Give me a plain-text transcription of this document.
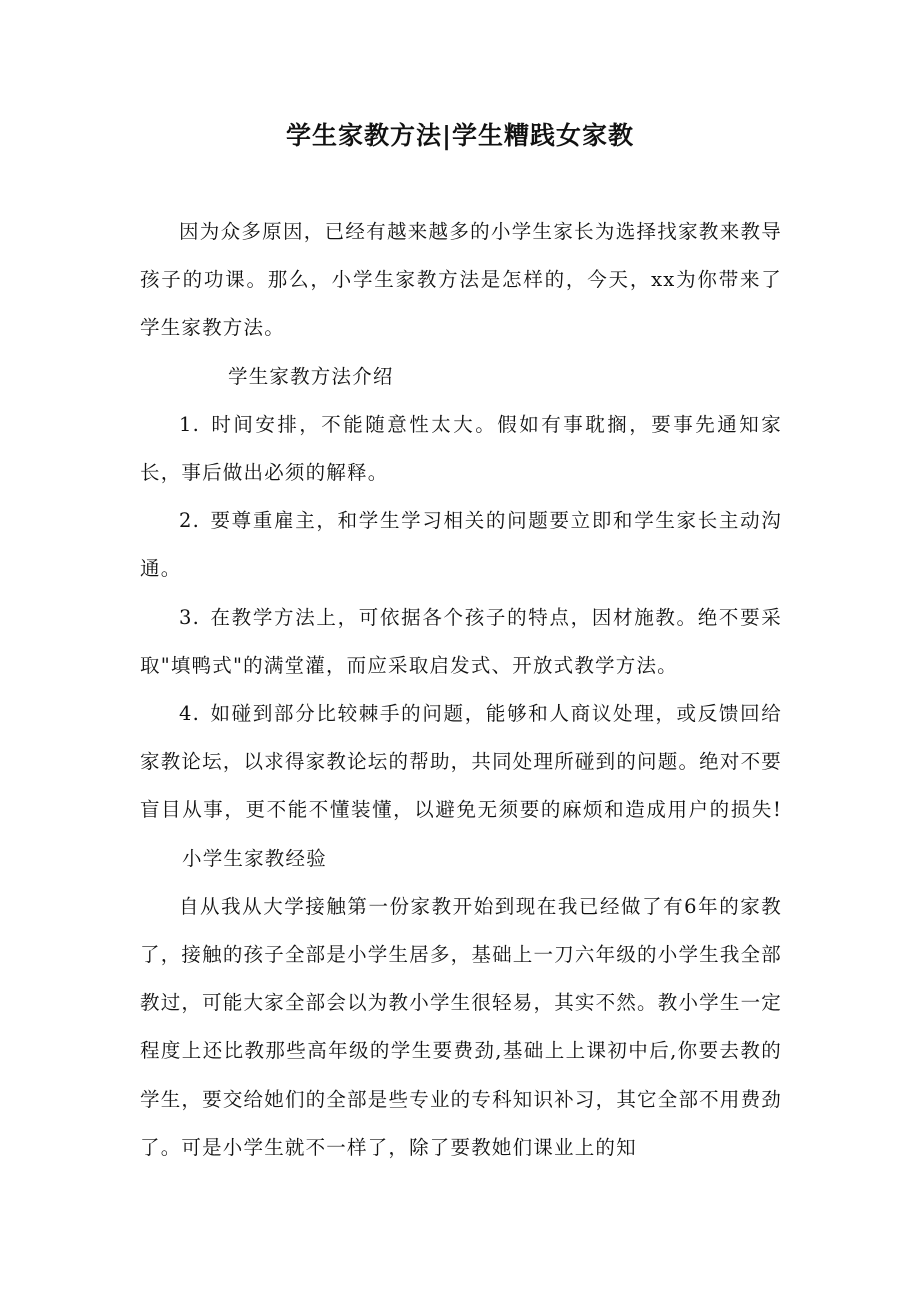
学生家教方法|学生糟践女家教

因为众多原因，已经有越来越多的小学生家长为选择找家教来教导孩子的功课。那么，小学生家教方法是怎样的，今天，xx为你带来了学生家教方法。

学生家教方法介绍

1. 时间安排，不能随意性太大。假如有事耽搁，要事先通知家长，事后做出必须的解释。

2. 要尊重雇主，和学生学习相关的问题要立即和学生家长主动沟通。

3. 在教学方法上，可依据各个孩子的特点，因材施教。绝不要采取"填鸭式"的满堂灌，而应采取启发式、开放式教学方法。

4. 如碰到部分比较棘手的问题，能够和人商议处理，或反馈回给家教论坛，以求得家教论坛的帮助，共同处理所碰到的问题。绝对不要盲目从事，更不能不懂装懂，以避免无须要的麻烦和造成用户的损失!小学生家教经验

自从我从大学接触第一份家教开始到现在我已经做了有6年的家教了，接触的孩子全部是小学生居多，基础上一刀六年级的小学生我全部教过，可能大家全部会以为教小学生很轻易，其实不然。教小学生一定程度上还比教那些高年级的学生要费劲,基础上上课初中后,你要去教的学生，要交给她们的全部是些专业的专科知识补习，其它全部不用费劲了。可是小学生就不一样了，除了要教她们课业上的知
